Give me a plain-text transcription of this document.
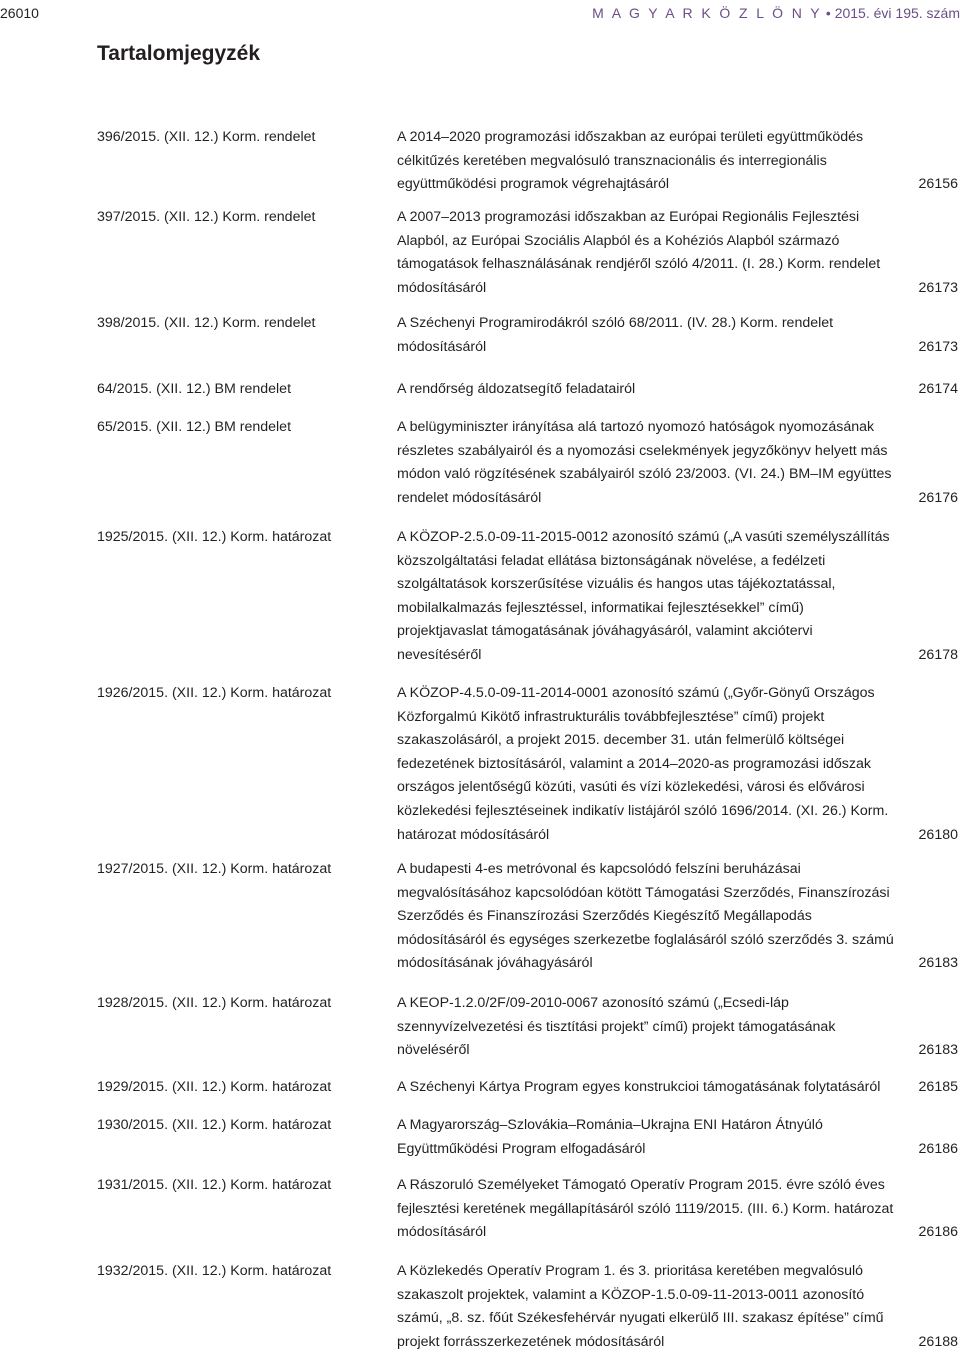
26010	M A G Y A R K Ö Z L Ö N Y • 2015. évi 195. szám
Tartalomjegyzék
396/2015. (XII. 12.) Korm. rendelet	A 2014–2020 programozási időszakban az európai területi együttműködés célkitűzés keretében megvalósuló transznacionális és interregionális együttműködési programok végrehajtásáról	26156
397/2015. (XII. 12.) Korm. rendelet	A 2007–2013 programozási időszakban az Európai Regionális Fejlesztési Alapból, az Európai Szociális Alapból és a Kohéziós Alapból származó támogatások felhasználásának rendjéről szóló 4/2011. (I. 28.) Korm. rendelet módosításáról	26173
398/2015. (XII. 12.) Korm. rendelet	A Széchenyi Programirodákról szóló 68/2011. (IV. 28.) Korm. rendelet módosításáról	26173
64/2015. (XII. 12.) BM rendelet	A rendőrség áldozatsegítő feladatairól	26174
65/2015. (XII. 12.) BM rendelet	A belügyminiszter irányítása alá tartozó nyomozó hatóságok nyomozásának részletes szabályairól és a nyomozási cselekmények jegyzőkönyv helyett más módon való rögzítésének szabályairól szóló 23/2003. (VI. 24.) BM–IM együttes rendelet módosításáról	26176
1925/2015. (XII. 12.) Korm. határozat	A KÖZOP-2.5.0-09-11-2015-0012 azonosító számú („A vasúti személyszállítás közszolgáltatási feladat ellátása biztonságának növelése, a fedélzeti szolgáltatások korszerűsítése vizuális és hangos utas tájékoztatással, mobilalkalmazás fejlesztéssel, informatikai fejlesztésekkel” című) projektjavaslat támogatásának jóváhagyásáról, valamint akciótervi nevesítéséről	26178
1926/2015. (XII. 12.) Korm. határozat	A KÖZOP-4.5.0-09-11-2014-0001 azonosító számú („Győr-Gönyű Országos Közforgalmú Kikötő infrastrukturális továbbfejlesztése” című) projekt szakaszolásáról, a projekt 2015. december 31. után felmerülő költségei fedezetének biztosításáról, valamint a 2014–2020-as programozási időszak országos jelentőségű közúti, vasúti és vízi közlekedési, városi és elővárosi közlekedési fejlesztéseinek indikatív listájáról szóló 1696/2014. (XI. 26.) Korm. határozat módosításáról	26180
1927/2015. (XII. 12.) Korm. határozat	A budapesti 4-es metróvonal és kapcsolódó felszíni beruházásai megvalósításához kapcsolódóan kötött Támogatási Szerződés, Finanszírozási Szerződés és Finanszírozási Szerződés Kiegészítő Megállapodás módosításáról és egységes szerkezetbe foglalásáról szóló szerződés 3. számú módosításának jóváhagyásáról	26183
1928/2015. (XII. 12.) Korm. határozat	A KEOP-1.2.0/2F/09-2010-0067 azonosító számú („Ecsedi-láp szennyvízelvezetési és tisztítási projekt” című) projekt támogatásának növeléséről	26183
1929/2015. (XII. 12.) Korm. határozat	A Széchenyi Kártya Program egyes konstrukcioi támogatásának folytatásáról	26185
1930/2015. (XII. 12.) Korm. határozat	A Magyarország–Szlovákia–Románia–Ukrajna ENI Határon Átnyúló Együttműködési Program elfogadásáról	26186
1931/2015. (XII. 12.) Korm. határozat	A Rászoruló Személyeket Támogató Operatív Program 2015. évre szóló éves fejlesztési keretének megállapításáról szóló 1119/2015. (III. 6.) Korm. határozat módosításáról	26186
1932/2015. (XII. 12.) Korm. határozat	A Közlekedés Operatív Program 1. és 3. prioritása keretében megvalósuló szakaszolt projektek, valamint a KÖZOP-1.5.0-09-11-2013-0011 azonosító számú, „8. sz. főút Székesfehérvár nyugati elkerülő III. szakasz építése” című projekt forrásszerkezetének módosításáról	26188
